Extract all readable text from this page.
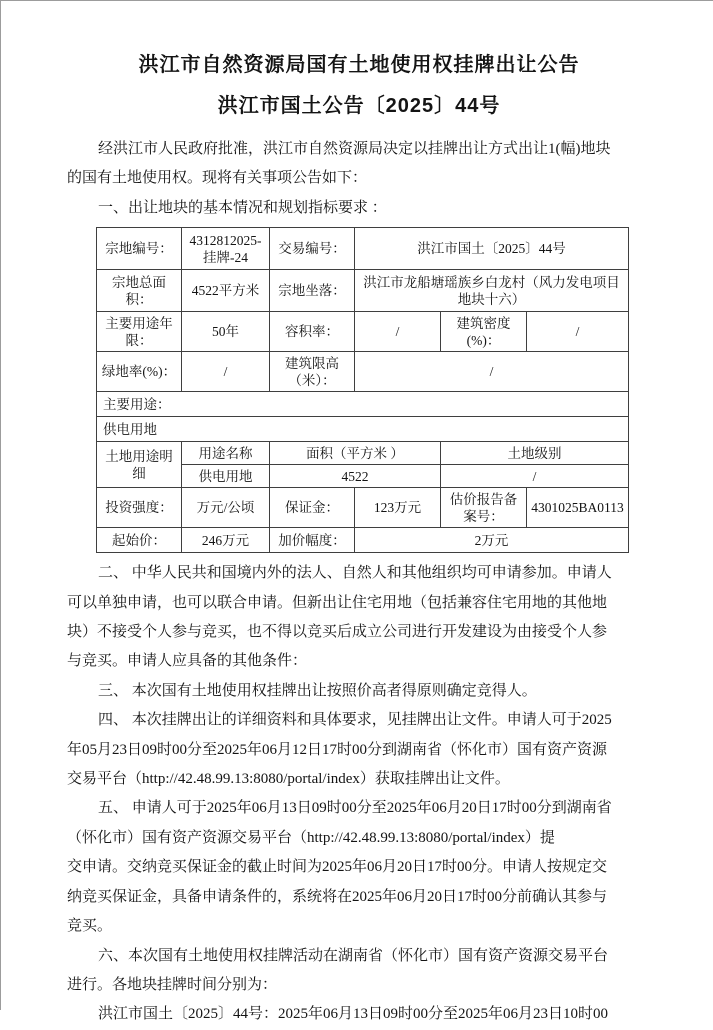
洪江市自然资源局国有土地使用权挂牌出让公告
洪江市国土公告〔2025〕44号
经洪江市人民政府批准，洪江市自然资源局决定以挂牌出让方式出让1(幅)地块
的国有土地使用权。现将有关事项公告如下：
一、出让地块的基本情况和规划指标要求 ：
宗地编号：	4312812025-挂牌-24	交易编号：	洪江市国土〔2025〕44号		
宗地总面积：	4522平方米	宗地坐落：	洪江市龙船塘瑶族乡白龙村（风力发电项目地块十六）		
主要用途年限：	50年	容积率：	/	建筑密度(%)：	/
绿地率(%)：	/	建筑限高（米）：	/		
主要用途：					
供电用地					
土地用途明细	用途名称	面积（平方米 ）		土地级别	
	供电用地	4522		/	
投资强度：	万元/公顷	保证金：	123万元	估价报告备案号：	4301025BA0113
起始价：	246万元	加价幅度：	2万元		
二、 中华人民共和国境内外的法人、自然人和其他组织均可申请参加。申请人
可以单独申请，也可以联合申请。但新出让住宅用地（包括兼容住宅用地的其他地
块）不接受个人参与竞买，也不得以竞买后成立公司进行开发建设为由接受个人参
与竞买。申请人应具备的其他条件：
三、 本次国有土地使用权挂牌出让按照价高者得原则确定竞得人。
四、 本次挂牌出让的详细资料和具体要求，见挂牌出让文件。申请人可于2025
年05月23日09时00分至2025年06月12日17时00分到湖南省（怀化市）国有资产资源
交易平台（http://42.48.99.13:8080/portal/index）获取挂牌出让文件。
五、 申请人可于2025年06月13日09时00分至2025年06月20日17时00分到湖南省
（怀化市）国有资产资源交易平台（http://42.48.99.13:8080/portal/index）提
交申请。交纳竞买保证金的截止时间为2025年06月20日17时00分。申请人按规定交
纳竞买保证金，具备申请条件的，系统将在2025年06月20日17时00分前确认其参与
竞买。
六、本次国有土地使用权挂牌活动在湖南省（怀化市）国有资产资源交易平台
进行。各地块挂牌时间分别为：
洪江市国土〔2025〕44号：2025年06月13日09时00分至2025年06月23日10时00
